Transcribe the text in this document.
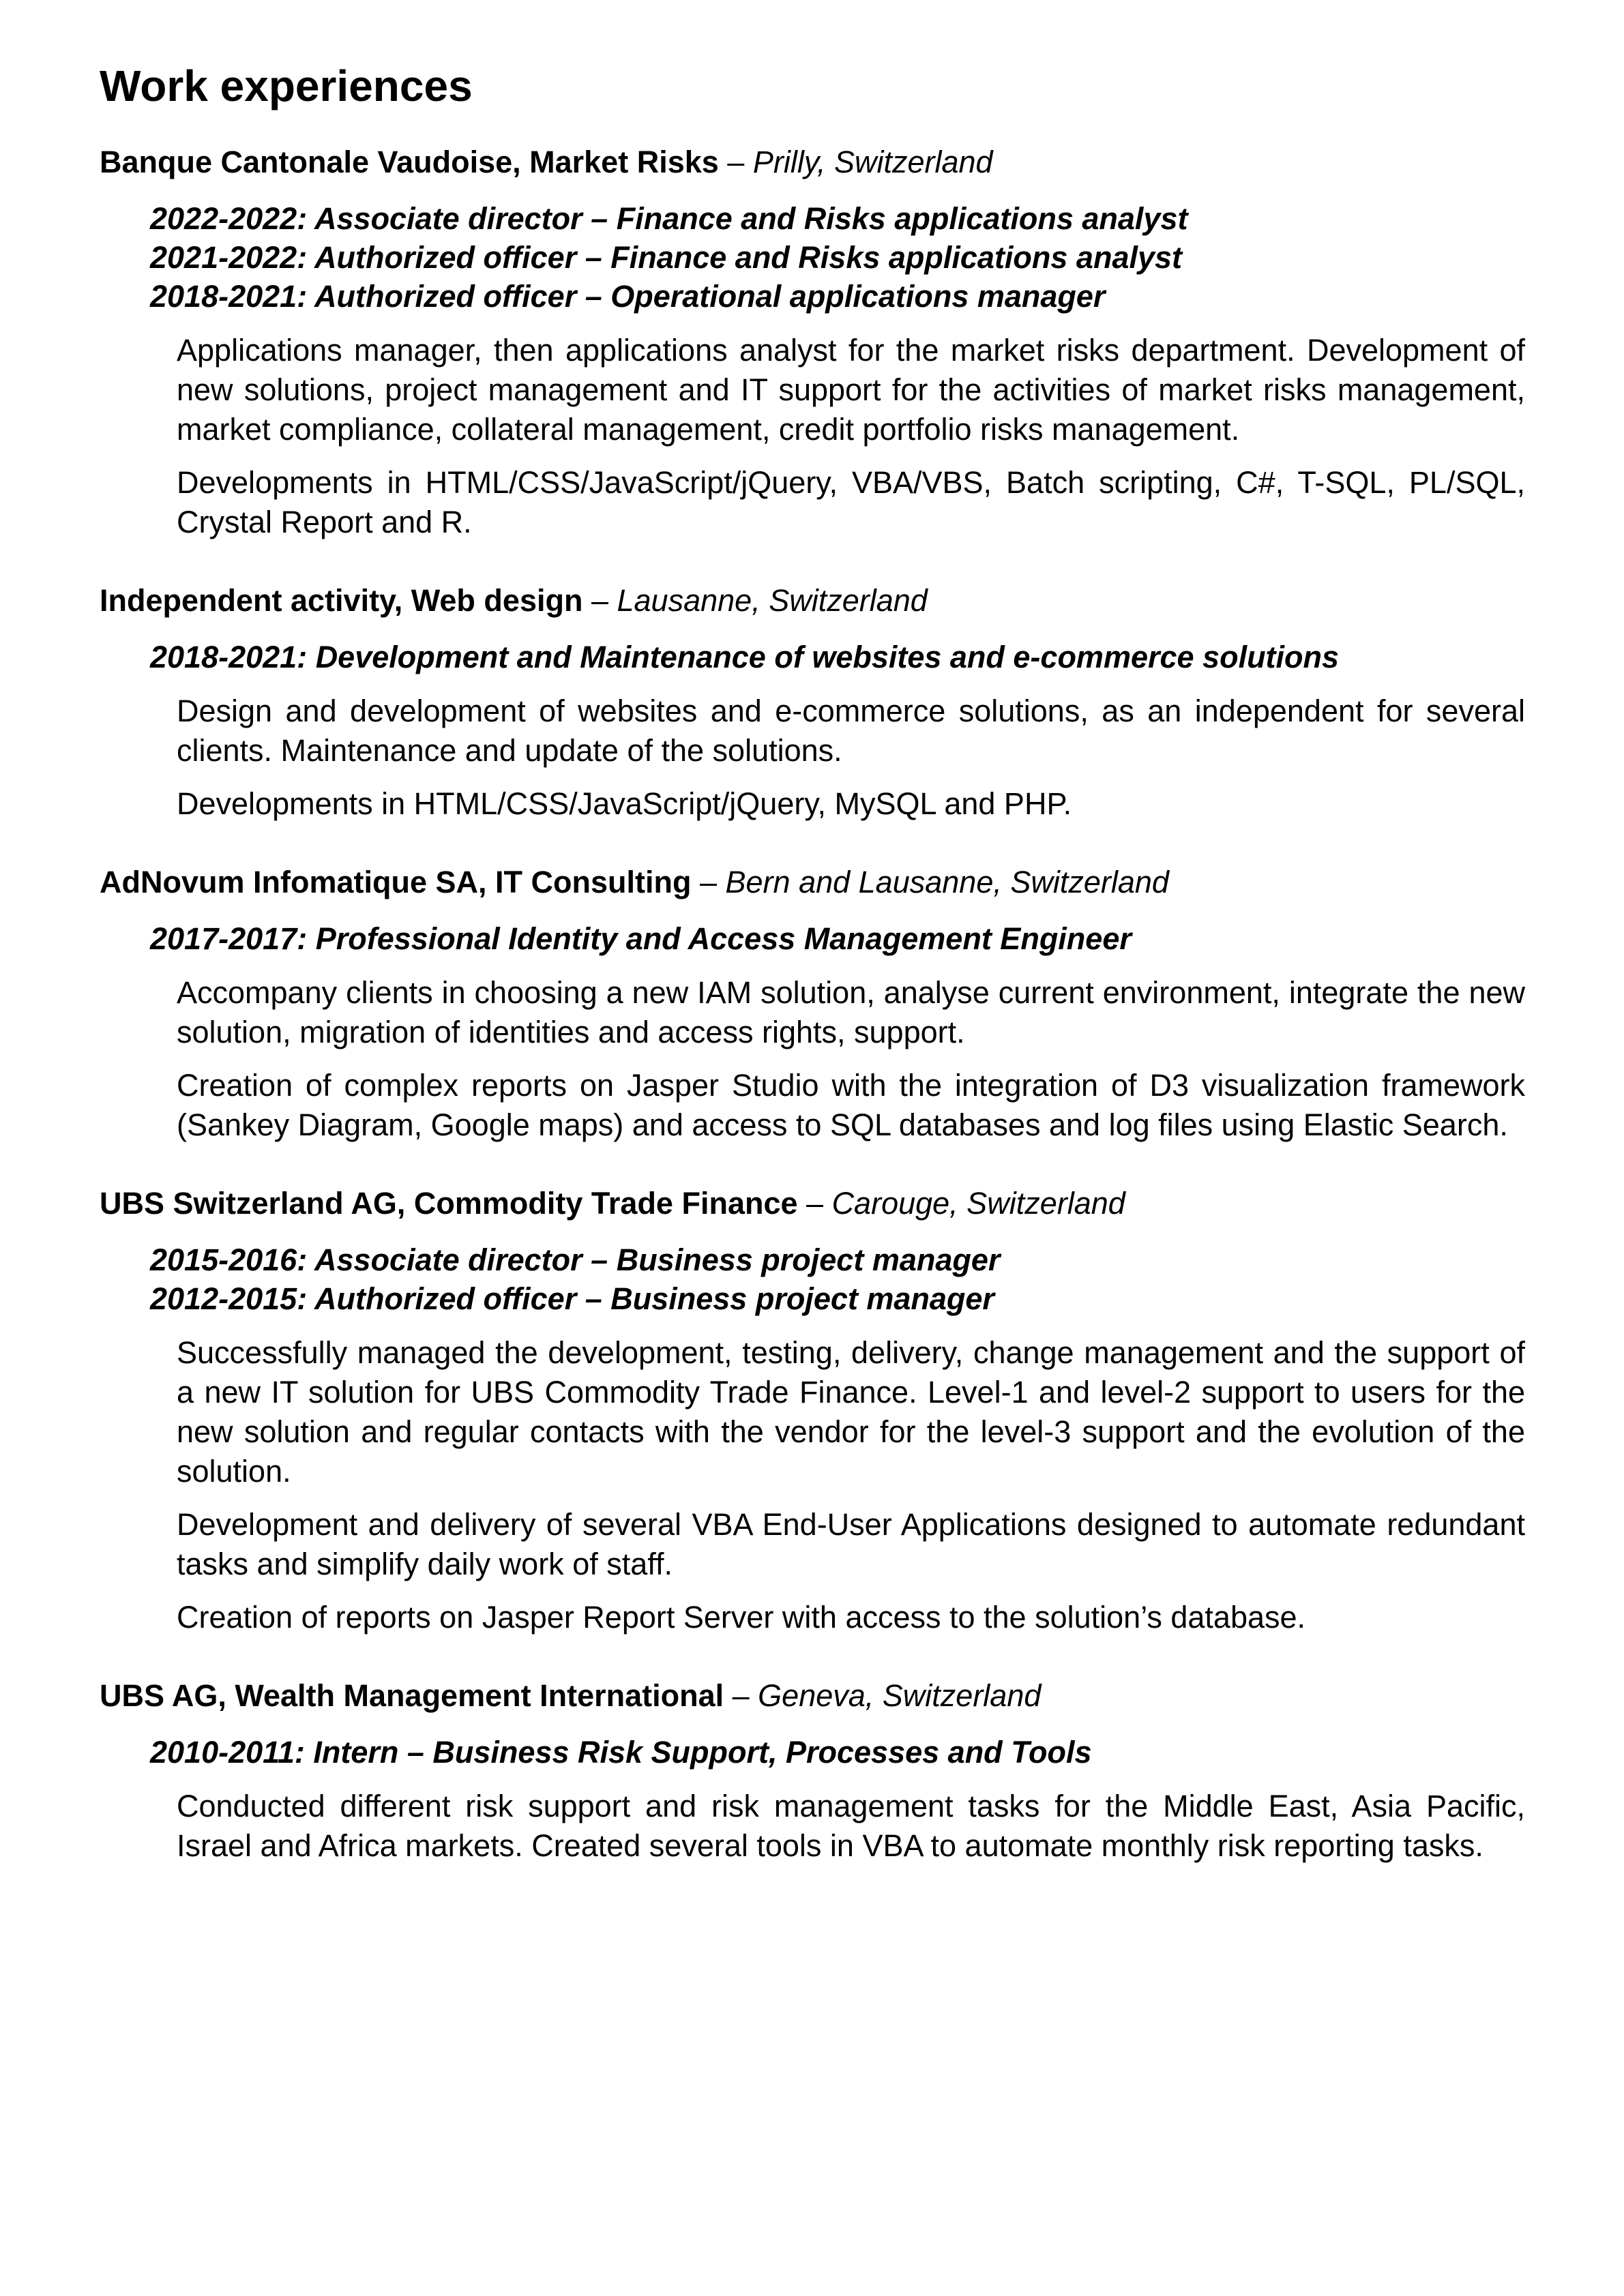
Work experiences
Banque Cantonale Vaudoise, Market Risks – Prilly, Switzerland
2022-2022: Associate director – Finance and Risks applications analyst
2021-2022: Authorized officer – Finance and Risks applications analyst
2018-2021: Authorized officer – Operational applications manager

Applications manager, then applications analyst for the market risks department. Development of new solutions, project management and IT support for the activities of market risks management, market compliance, collateral management, credit portfolio risks management.

Developments in HTML/CSS/JavaScript/jQuery, VBA/VBS, Batch scripting, C#, T-SQL, PL/SQL, Crystal Report and R.

Independent activity, Web design – Lausanne, Switzerland
2018-2021: Development and Maintenance of websites and e-commerce solutions

Design and development of websites and e-commerce solutions, as an independent for several clients. Maintenance and update of the solutions.

Developments in HTML/CSS/JavaScript/jQuery, MySQL and PHP.

AdNovum Infomatique SA, IT Consulting – Bern and Lausanne, Switzerland
2017-2017: Professional Identity and Access Management Engineer

Accompany clients in choosing a new IAM solution, analyse current environment, integrate the new solution, migration of identities and access rights, support.

Creation of complex reports on Jasper Studio with the integration of D3 visualization framework (Sankey Diagram, Google maps) and access to SQL databases and log files using Elastic Search.

UBS Switzerland AG, Commodity Trade Finance – Carouge, Switzerland
2015-2016: Associate director – Business project manager
2012-2015: Authorized officer – Business project manager

Successfully managed the development, testing, delivery, change management and the support of a new IT solution for UBS Commodity Trade Finance. Level-1 and level-2 support to users for the new solution and regular contacts with the vendor for the level-3 support and the evolution of the solution.

Development and delivery of several VBA End-User Applications designed to automate redundant tasks and simplify daily work of staff.

Creation of reports on Jasper Report Server with access to the solution’s database.

UBS AG, Wealth Management International – Geneva, Switzerland
2010-2011: Intern – Business Risk Support, Processes and Tools

Conducted different risk support and risk management tasks for the Middle East, Asia Pacific, Israel and Africa markets. Created several tools in VBA to automate monthly risk reporting tasks.
